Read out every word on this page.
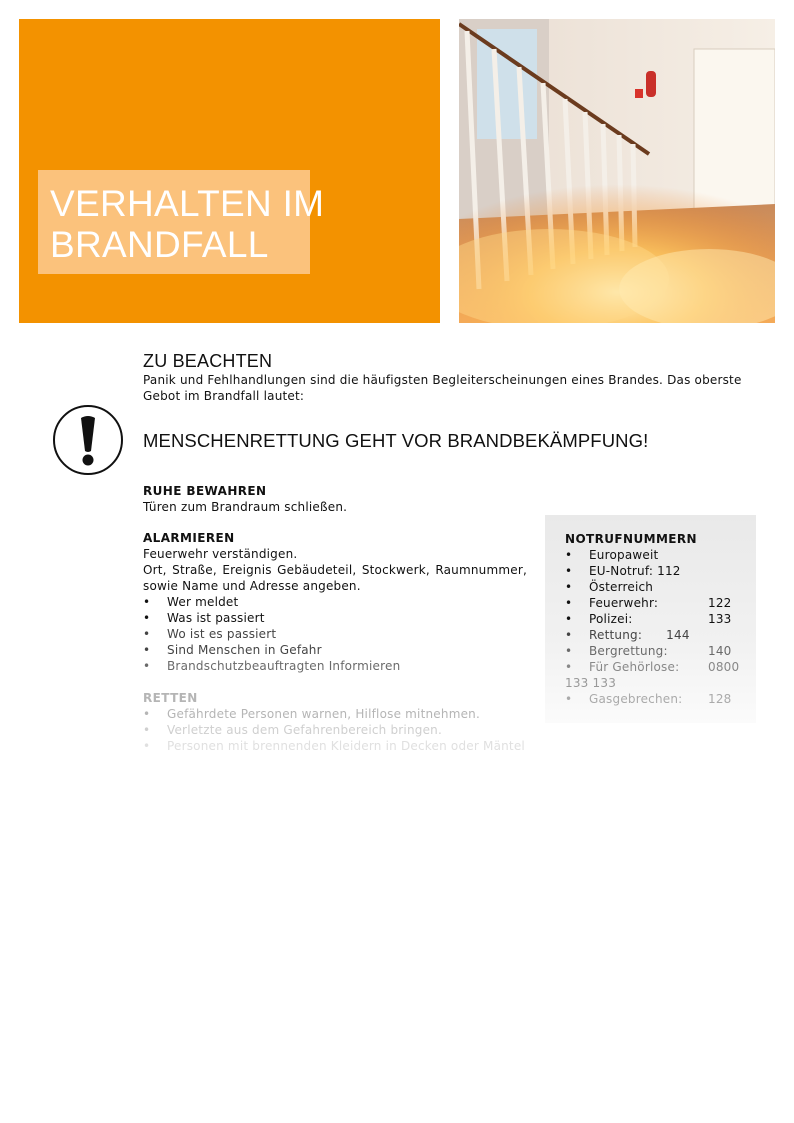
VERHALTEN IM
BRANDFALL
ZU BEACHTEN
Panik und Fehlhandlungen sind die häufigsten Begleiterscheinungen eines Brandes. Das oberste Gebot im Brandfall lautet:
MENSCHENRETTUNG GEHT VOR BRANDBEKÄMPFUNG!
RUHE BEWAHREN
Türen zum Brandraum schließen.
ALARMIEREN
Feuerwehr verständigen.
Ort, Straße, Ereignis Gebäudeteil, Stockwerk, Raumnummer, sowie Name und Adresse angeben.
• Wer meldet
• Was ist passiert
• Wo ist es passiert
• Sind Menschen in Gefahr
• Brandschutzbeauftragten Informieren
RETTEN
• Gefährdete Personen warnen, Hilflose mitnehmen.
• Verletzte aus dem Gefahrenbereich bringen.
• Personen mit brennenden Kleidern in Decken oder Mäntel
NOTRUFNUMMERN
• Europaweit
• EU-Notruf: 112
• Österreich
• Feuerwehr:	122
• Polizei:	133
• Rettung:      144
• Bergrettung:	140
• Für Gehörlose: 0800
133 133
• Gasgebrechen: 128
